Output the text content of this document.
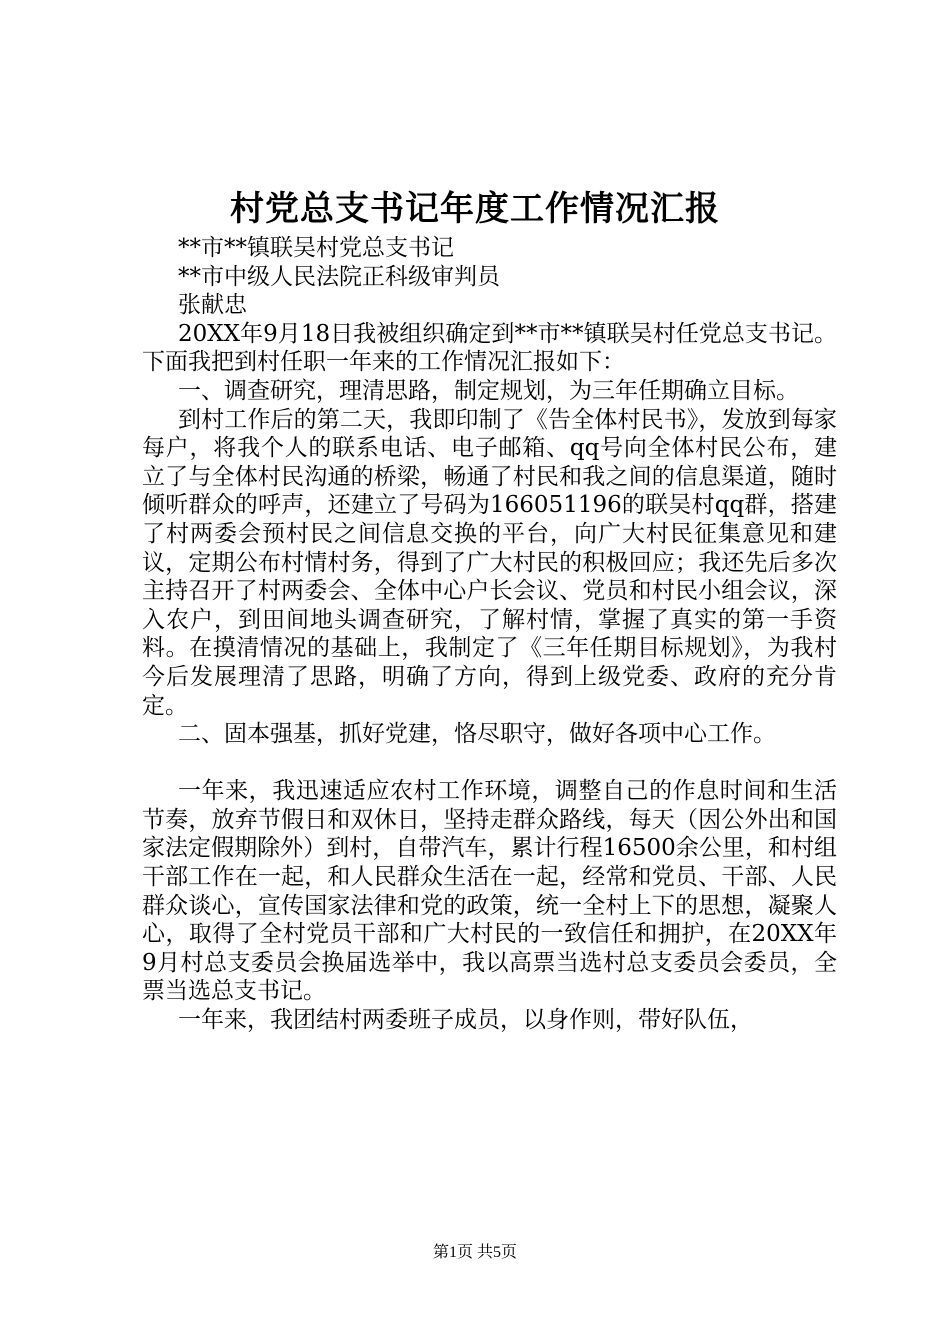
村党总支书记年度工作情况汇报

**市**镇联吴村党总支书记

**市中级人民法院正科级审判员

张献忠

20XX年9月18日我被组织确定到**市**镇联吴村任党总支书记。下面我把到村任职一年来的工作情况汇报如下：

一、调查研究，理清思路，制定规划，为三年任期确立目标。

到村工作后的第二天，我即印制了《告全体村民书》，发放到每家每户，将我个人的联系电话、电子邮箱、qq号向全体村民公布，建立了与全体村民沟通的桥梁，畅通了村民和我之间的信息渠道，随时倾听群众的呼声，还建立了号码为166051196的联吴村qq群，搭建了村两委会预村民之间信息交换的平台，向广大村民征集意见和建议，定期公布村情村务，得到了广大村民的积极回应；我还先后多次主持召开了村两委会、全体中心户长会议、党员和村民小组会议，深入农户，到田间地头调查研究，了解村情，掌握了真实的第一手资料。在摸清情况的基础上，我制定了《三年任期目标规划》，为我村今后发展理清了思路，明确了方向，得到上级党委、政府的充分肯定。

二、固本强基，抓好党建，恪尽职守，做好各项中心工作。

一年来，我迅速适应农村工作环境，调整自己的作息时间和生活节奏，放弃节假日和双休日，坚持走群众路线，每天（因公外出和国家法定假期除外）到村，自带汽车，累计行程16500余公里，和村组干部工作在一起，和人民群众生活在一起，经常和党员、干部、人民群众谈心，宣传国家法律和党的政策，统一全村上下的思想，凝聚人心，取得了全村党员干部和广大村民的一致信任和拥护，在20XX年9月村总支委员会换届选举中，我以高票当选村总支委员会委员，全票当选总支书记。

一年来，我团结村两委班子成员，以身作则，带好队伍，

第1页 共5页
